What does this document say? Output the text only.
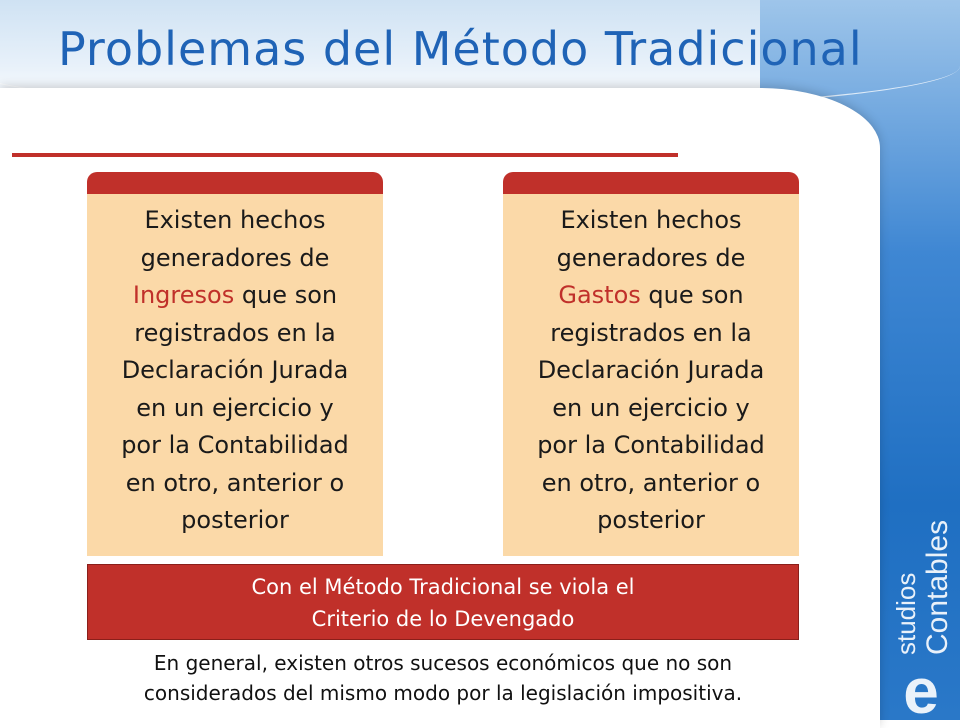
Problemas del Método Tradicional
Existen hechos
generadores de
Ingresos que son
registrados en la
Declaración Jurada
en un ejercicio y
por la Contabilidad
en otro, anterior o
posterior
Existen hechos
generadores de
Gastos que son
registrados en la
Declaración Jurada
en un ejercicio y
por la Contabilidad
en otro, anterior o
posterior
Con el Método Tradicional se viola el
Criterio de lo Devengado
En general, existen otros sucesos económicos que no son
considerados del mismo modo por la legislación impositiva.
studios Contables
e
